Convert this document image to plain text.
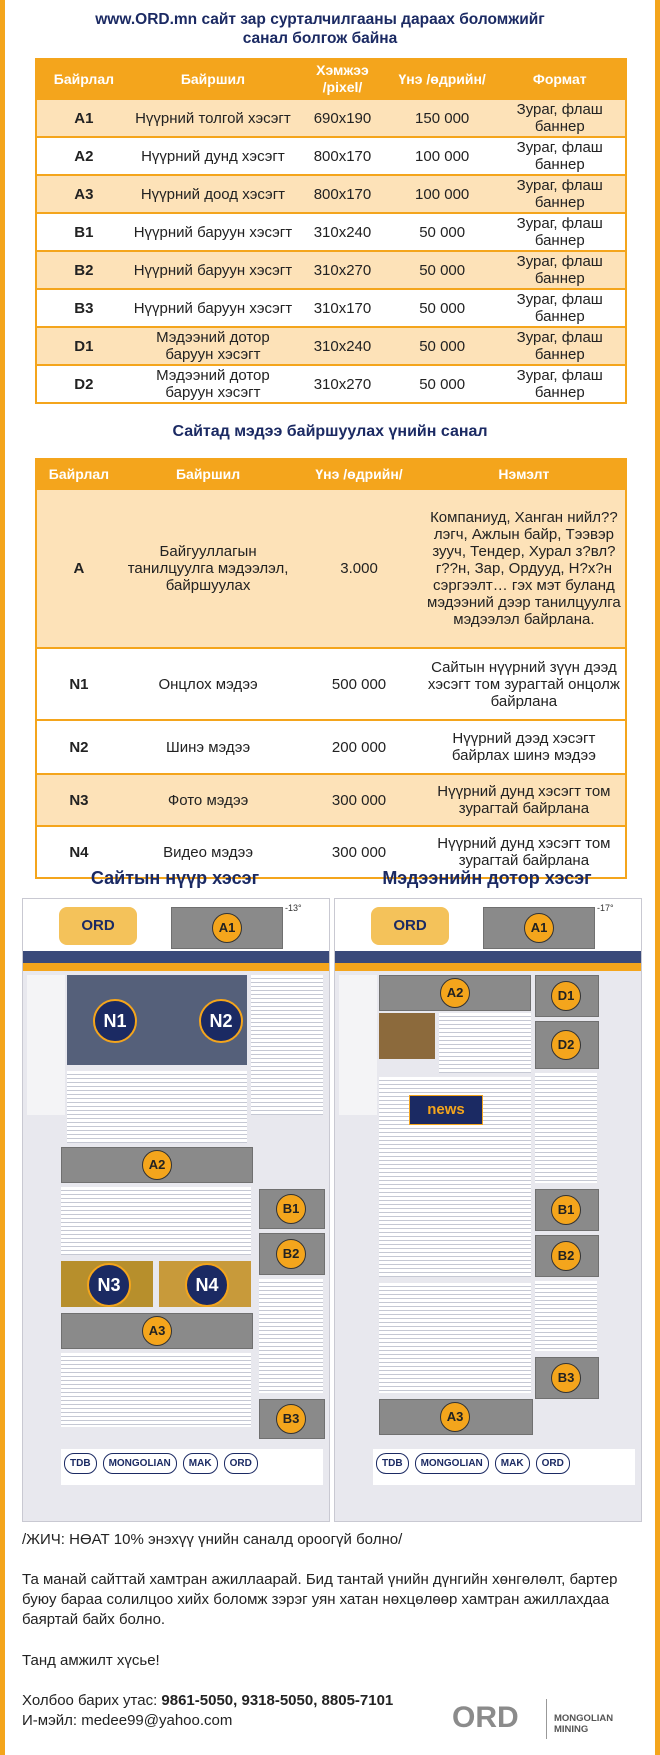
www.ORD.mn сайт зар сурталчилгааны дараах боломжийг санал болгож байна
Байрлал	Байршил	Хэмжээ /pixel/	Үнэ /өдрийн/	Формат
A1	Нүүрний толгой хэсэгт	690x190	150 000	Зураг, флаш баннер
A2	Нүүрний дунд хэсэгт	800x170	100 000	Зураг, флаш баннер
A3	Нүүрний доод хэсэгт	800x170	100 000	Зураг, флаш баннер
B1	Нүүрний баруун хэсэгт	310x240	50 000	Зураг, флаш баннер
B2	Нүүрний баруун хэсэгт	310x270	50 000	Зураг, флаш баннер
B3	Нүүрний баруун хэсэгт	310x170	50 000	Зураг, флаш баннер
D1	Мэдээний дотор баруун хэсэгт	310x240	50 000	Зураг, флаш баннер
D2	Мэдээний дотор баруун хэсэгт	310x270	50 000	Зураг, флаш баннер
Сайтад мэдээ байршуулах үнийн санал
Байрлал	Байршил	Үнэ /өдрийн/	Нэмэлт
A	Байгууллагын танилцуулга мэдээлэл, байршуулах	3.000	Компаниуд, Ханган нийл??лэгч, Ажлын байр, Тээвэр зууч, Тендер, Хурал з?вл?г??н, Зар, Ордууд, Н?х?н сэргээлт… гэх мэт буланд мэдээний дээр танилцуулга мэдээлэл байрлана.
N1	Онцлох мэдээ	500 000	Сайтын нүүрний зүүн дээд хэсэгт том зурагтай онцолж байрлана
N2	Шинэ мэдээ	200 000	Нүүрний дээд хэсэгт байрлах шинэ мэдээ
N3	Фото мэдээ	300 000	Нүүрний дунд хэсэгт том зурагтай байрлана
N4	Видео мэдээ	300 000	Нүүрний дунд хэсэгт том зурагтай байрлана
Сайтын нүүр хэсэг	Мэдээнийн дотор хэсэг
ORD
-13°
A1
N1	N2
A2
B1
B2
N3	N4
A3
B3
TDB MONGOLIAN MAK ORD
ORD
-17°
A1
A2	D1
D2
news
B1
B2
B3
A3
TDB MONGOLIAN MAK ORD
/ЖИЧ: НӨАТ 10% энэхүү үнийн саналд ороогүй болно/
Та манай сайттай хамтран ажиллаарай. Бид тантай үнийн дүнгийн хөнгөлөлт, бартер буюу бараа солилцоо хийх боломж зэрэг уян хатан нөхцөлөөр хамтран ажиллахдаа баяртай байх болно.
Танд амжилт хүсье!
Холбоо барих утас: 9861-5050, 9318-5050, 8805-7101
И-мэйл: medee99@yahoo.com	ORD	MONGOLIAN MINING
